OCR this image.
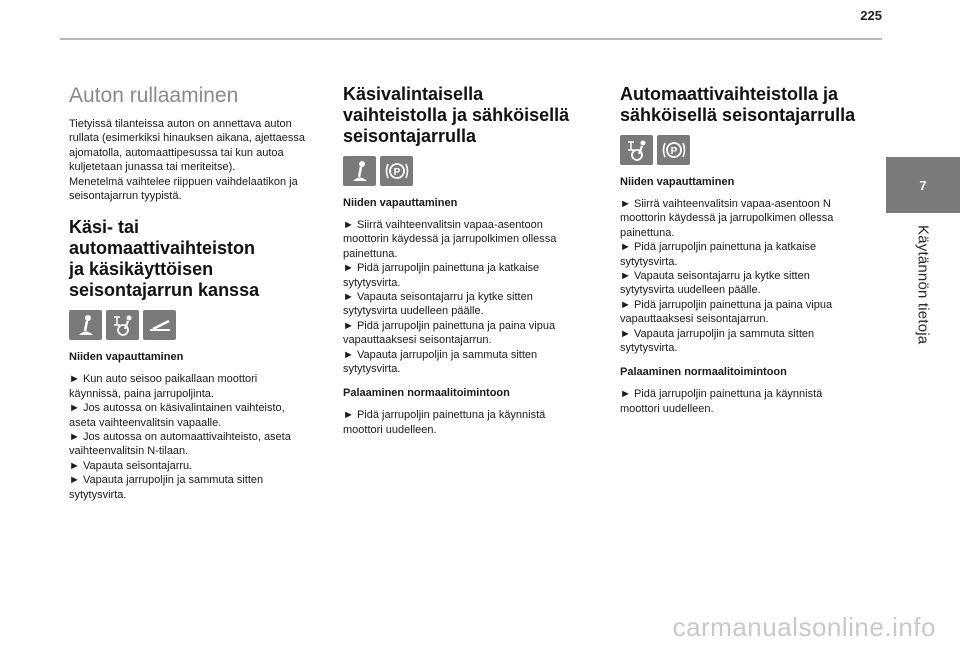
225
7
Käytännön tietoja
Auton rullaaminen
Tietyissä tilanteissa auton on annettava auton
rullata (esimerkiksi hinauksen aikana, ajettaessa
ajomatolla, automaattipesussa tai kun autoa
kuljetetaan junassa tai meriteitse).
Menetelmä vaihtelee riippuen vaihdelaatikon ja
seisontajarrun tyypistä.
Käsi- tai
automaattivaihteiston
ja käsikäyttöisen
seisontajarrun kanssa
Niiden vapauttaminen
► Kun auto seisoo paikallaan moottori
käynnissä, paina jarrupoljinta.
► Jos autossa on käsivalintainen vaihteisto,
aseta vaihteenvalitsin vapaalle.
► Jos autossa on automaattivaihteisto, aseta
vaihteenvalitsin N-tilaan.
► Vapauta seisontajarru.
► Vapauta jarrupoljin ja sammuta sitten
sytytysvirta.
Käsivalintaisella
vaihteistolla ja sähköisellä
seisontajarrulla
P
Niiden vapauttaminen
► Siirrä vaihteenvalitsin vapaa-asentoon
moottorin käydessä ja jarrupolkimen ollessa
painettuna.
► Pidä jarrupoljin painettuna ja katkaise
sytytysvirta.
► Vapauta seisontajarru ja kytke sitten
sytytysvirta uudelleen päälle.
► Pidä jarrupoljin painettuna ja paina vipua
vapauttaaksesi seisontajarrun.
► Vapauta jarrupoljin ja sammuta sitten
sytytysvirta.
Palaaminen normaalitoimintoon
► Pidä jarrupoljin painettuna ja käynnistä
moottori uudelleen.
Automaattivaihteistolla ja
sähköisellä seisontajarrulla
P
Niiden vapauttaminen
► Siirrä vaihteenvalitsin vapaa-asentoon N
moottorin käydessä ja jarrupolkimen ollessa
painettuna.
► Pidä jarrupoljin painettuna ja katkaise
sytytysvirta.
► Vapauta seisontajarru ja kytke sitten
sytytysvirta uudelleen päälle.
► Pidä jarrupoljin painettuna ja paina vipua
vapauttaaksesi seisontajarrun.
► Vapauta jarrupoljin ja sammuta sitten
sytytysvirta.
Palaaminen normaalitoimintoon
► Pidä jarrupoljin painettuna ja käynnistä
moottori uudelleen.
carmanualsonline.info
